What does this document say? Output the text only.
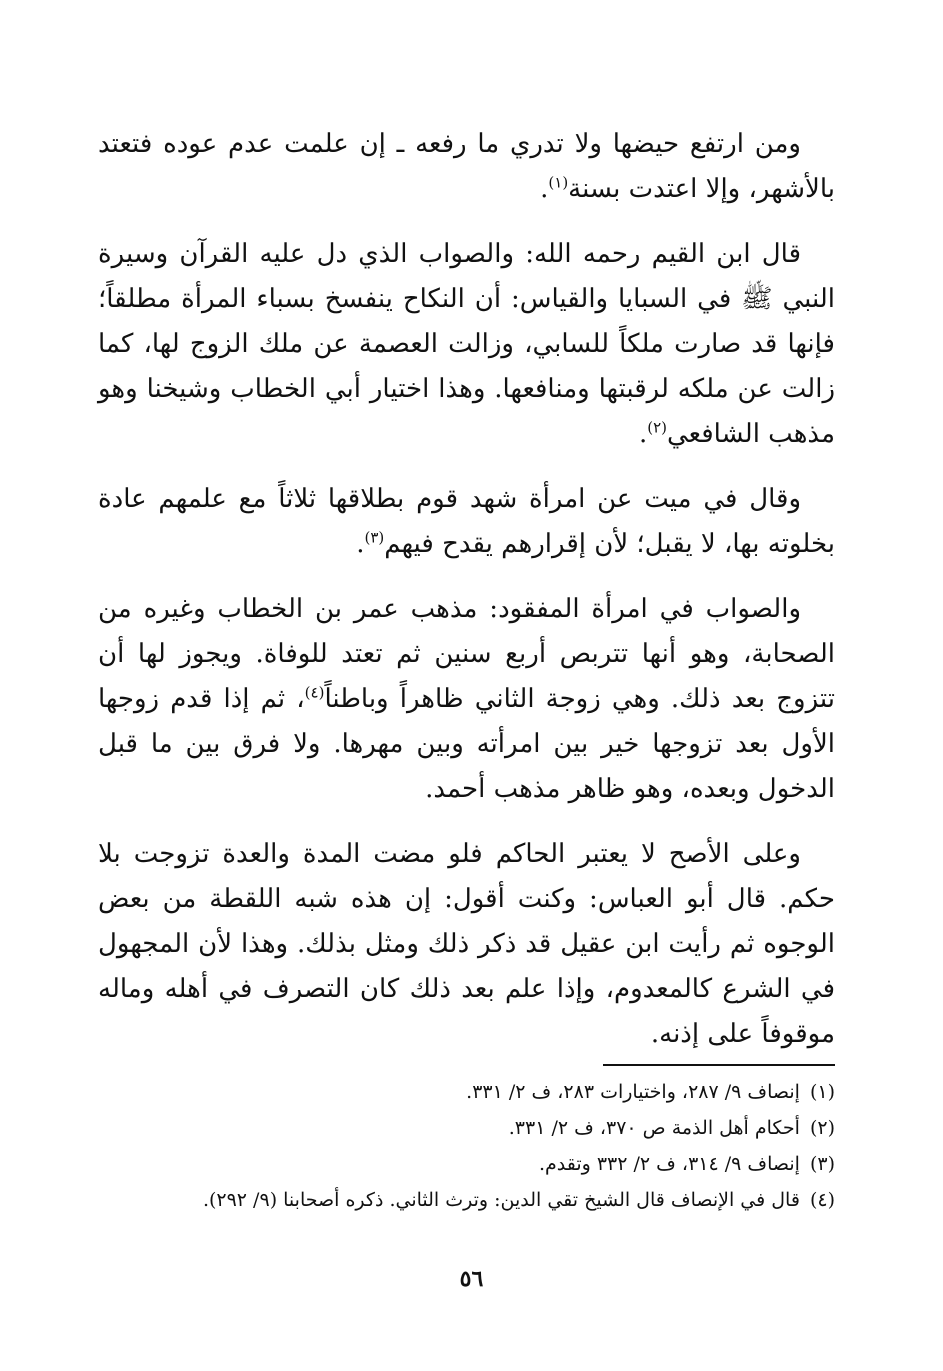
ومن ارتفع حيضها ولا تدري ما رفعه ـ إن علمت عدم عوده فتعتد بالأشهر، وإلا اعتدت بسنة$^{(١)}$.

قال ابن القيم رحمه الله: والصواب الذي دل عليه القرآن وسيرة النبي ﷺ في السبايا والقياس: أن النكاح ينفسخ بسباء المرأة مطلقاً؛ فإنها قد صارت ملكاً للسابي، وزالت العصمة عن ملك الزوج لها، كما زالت عن ملكه لرقبتها ومنافعها. وهذا اختيار أبي الخطاب وشيخنا وهو مذهب الشافعي$^{(٢)}$.

وقال في ميت عن امرأة شهد قوم بطلاقها ثلاثاً مع علمهم عادة بخلوته بها، لا يقبل؛ لأن إقرارهم يقدح فيهم$^{(٣)}$.

والصواب في امرأة المفقود: مذهب عمر بن الخطاب وغيره من الصحابة، وهو أنها تتربص أربع سنين ثم تعتد للوفاة. ويجوز لها أن تتزوج بعد ذلك. وهي زوجة الثاني ظاهراً وباطناً$^{(٤)}$، ثم إذا قدم زوجها الأول بعد تزوجها خير بين امرأته وبين مهرها. ولا فرق بين ما قبل الدخول وبعده، وهو ظاهر مذهب أحمد.

وعلى الأصح لا يعتبر الحاكم فلو مضت المدة والعدة تزوجت بلا حكم. قال أبو العباس: وكنت أقول: إن هذه شبه اللقطة من بعض الوجوه ثم رأيت ابن عقيل قد ذكر ذلك ومثل بذلك. وهذا لأن المجهول في الشرع كالمعدوم، وإذا علم بعد ذلك كان التصرف في أهله وماله موقوفاً على إذنه.

(١)إنصاف ٩/ ٢٨٧، واختيارات ٢٨٣، ف ٢/ ٣٣١.
(٢)أحكام أهل الذمة ص ٣٧٠، ف ٢/ ٣٣١.
(٣)إنصاف ٩/ ٣١٤، ف ٢/ ٣٣٢ وتقدم.
(٤)قال في الإنصاف قال الشيخ تقي الدين: وترث الثاني. ذكره أصحابنا (٩/ ٢٩٢).
٥٦
